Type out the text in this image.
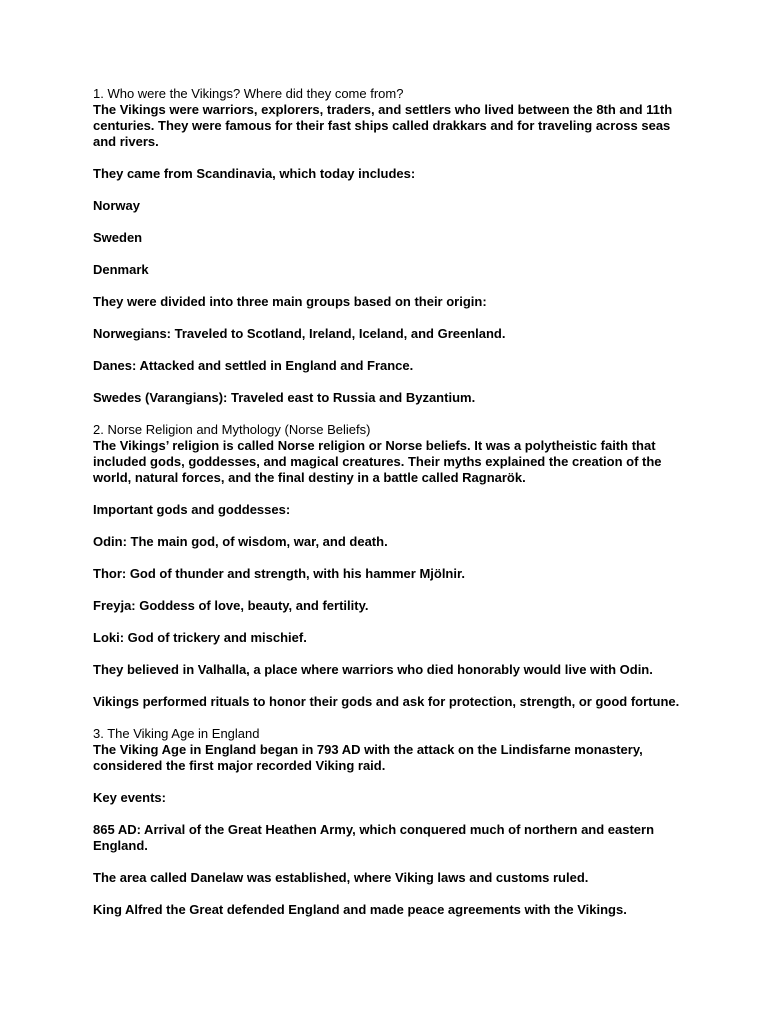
1. Who were the Vikings? Where did they come from?

The Vikings were warriors, explorers, traders, and settlers who lived between the 8th and 11th centuries. They were famous for their fast ships called drakkars and for traveling across seas and rivers.

They came from Scandinavia, which today includes:

Norway

Sweden

Denmark

They were divided into three main groups based on their origin:

Norwegians: Traveled to Scotland, Ireland, Iceland, and Greenland.

Danes: Attacked and settled in England and France.

Swedes (Varangians): Traveled east to Russia and Byzantium.

2. Norse Religion and Mythology (Norse Beliefs)

The Vikings’ religion is called Norse religion or Norse beliefs. It was a polytheistic faith that included gods, goddesses, and magical creatures. Their myths explained the creation of the world, natural forces, and the final destiny in a battle called Ragnarök.

Important gods and goddesses:

Odin: The main god, of wisdom, war, and death.

Thor: God of thunder and strength, with his hammer Mjölnir.

Freyja: Goddess of love, beauty, and fertility.

Loki: God of trickery and mischief.

They believed in Valhalla, a place where warriors who died honorably would live with Odin.

Vikings performed rituals to honor their gods and ask for protection, strength, or good fortune.

3. The Viking Age in England

The Viking Age in England began in 793 AD with the attack on the Lindisfarne monastery, considered the first major recorded Viking raid.

Key events:

865 AD: Arrival of the Great Heathen Army, which conquered much of northern and eastern England.

The area called Danelaw was established, where Viking laws and customs ruled.

King Alfred the Great defended England and made peace agreements with the Vikings.
